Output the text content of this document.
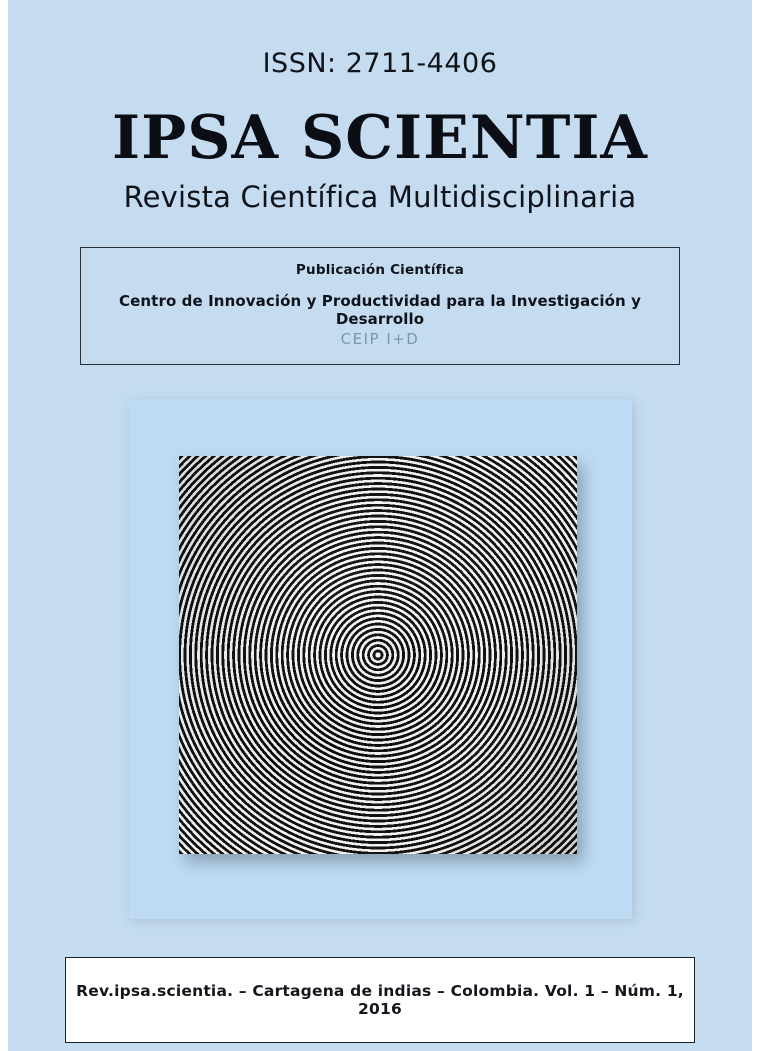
ISSN: 2711-4406
IPSA SCIENTIA
Revista Científica Multidisciplinaria
Publicación Científica
Centro de Innovación y Productividad para la Investigación y Desarrollo
CEIP I+D
Rev.ipsa.scientia. – Cartagena de indias – Colombia. Vol. 1 – Núm. 1, 2016
